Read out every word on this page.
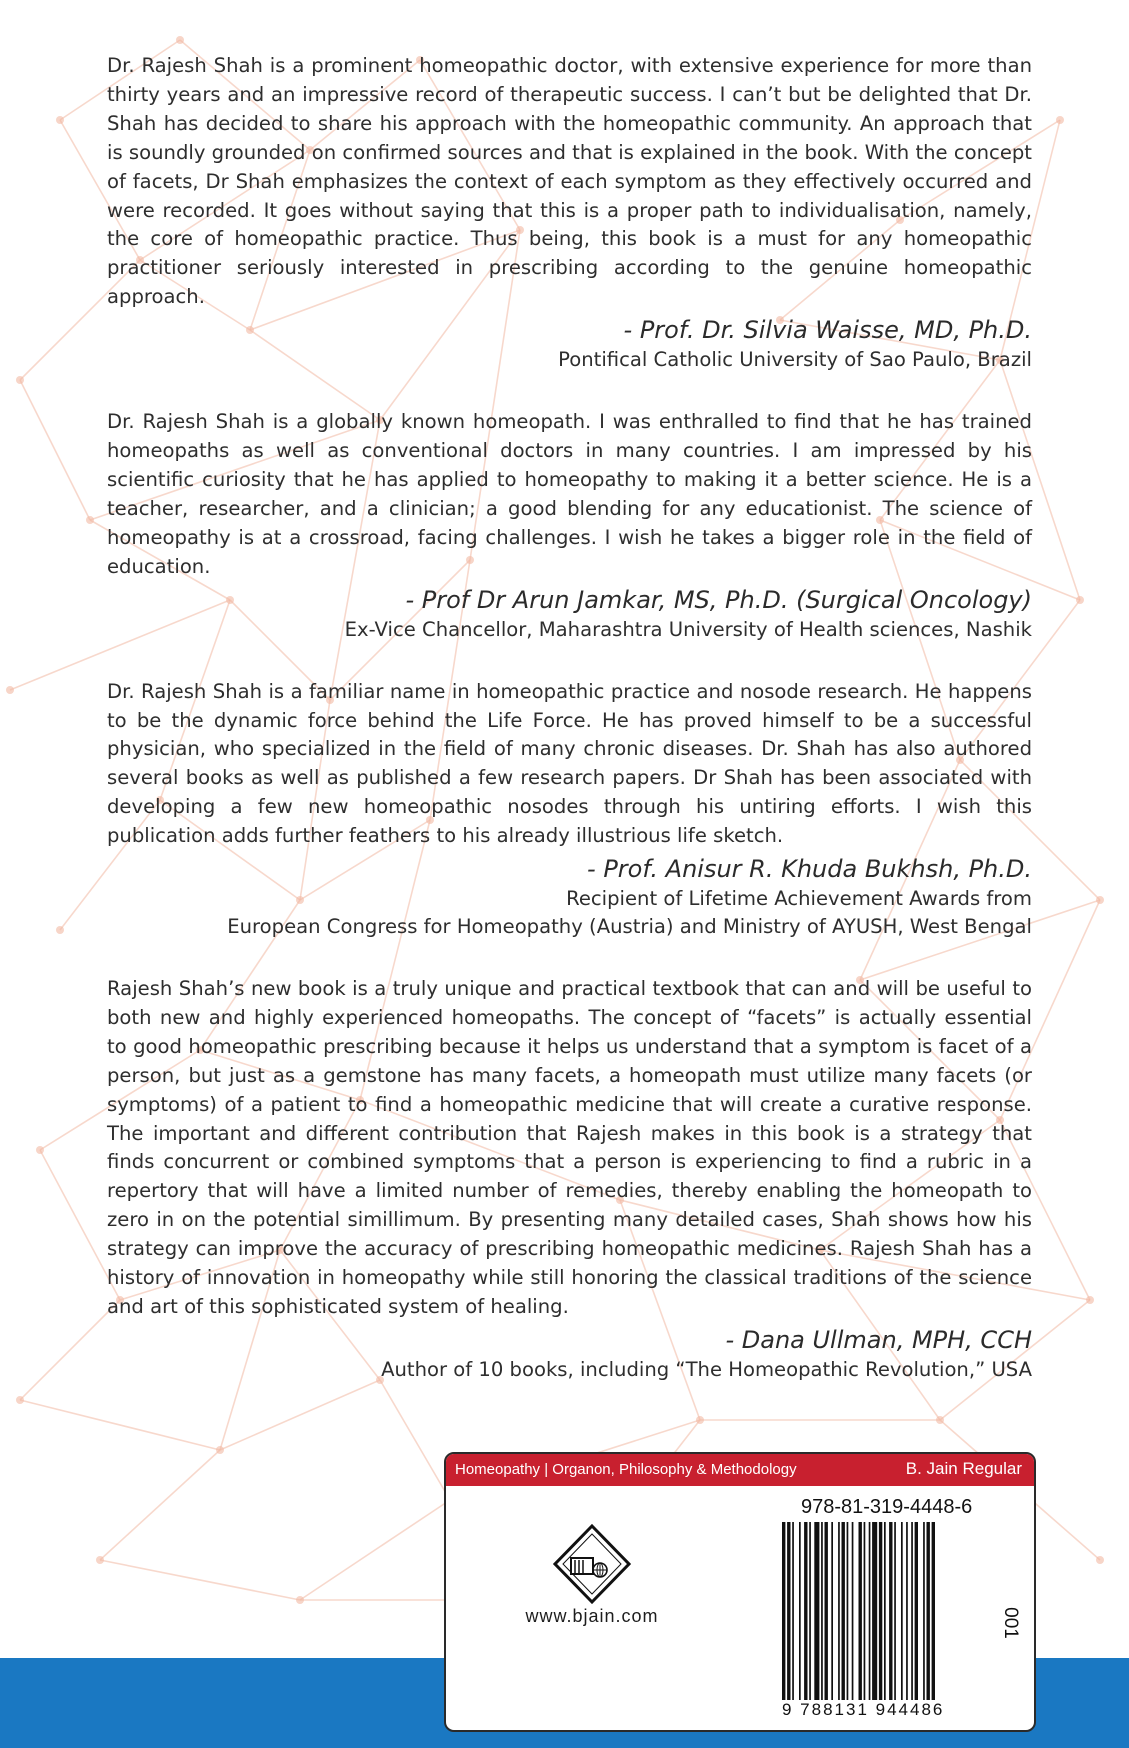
Dr. Rajesh Shah is a prominent homeopathic doctor, with extensive experience for more than thirty years and an impressive record of therapeutic success. I can’t but be delighted that Dr. Shah has decided to share his approach with the homeopathic community. An approach that is soundly grounded on confirmed sources and that is explained in the book. With the concept of facets, Dr Shah emphasizes the context of each symptom as they effectively occurred and were recorded. It goes without saying that this is a proper path to individualisation, namely, the core of homeopathic practice. Thus being, this book is a must for any homeopathic practitioner seriously interested in prescribing according to the genuine homeopathic approach.

- Prof. Dr. Silvia Waisse, MD, Ph.D.
Pontifical Catholic University of Sao Paulo, Brazil

Dr. Rajesh Shah is a globally known homeopath. I was enthralled to find that he has trained homeopaths as well as conventional doctors in many countries. I am impressed by his scientific curiosity that he has applied to homeopathy to making it a better science. He is a teacher, researcher, and a clinician; a good blending for any educationist. The science of homeopathy is at a crossroad, facing challenges. I wish he takes a bigger role in the field of education.

- Prof Dr Arun Jamkar, MS, Ph.D. (Surgical Oncology)
Ex-Vice Chancellor, Maharashtra University of Health sciences, Nashik

Dr. Rajesh Shah is a familiar name in homeopathic practice and nosode research. He happens to be the dynamic force behind the Life Force. He has proved himself to be a successful physician, who specialized in the field of many chronic diseases. Dr. Shah has also authored several books as well as published a few research papers. Dr Shah has been associated with developing a few new homeopathic nosodes through his untiring efforts. I wish this publication adds further feathers to his already illustrious life sketch.

- Prof. Anisur R. Khuda Bukhsh, Ph.D.
Recipient of Lifetime Achievement Awards from
European Congress for Homeopathy (Austria) and Ministry of AYUSH, West Bengal

Rajesh Shah’s new book is a truly unique and practical textbook that can and will be useful to both new and highly experienced homeopaths. The concept of “facets” is actually essential to good homeopathic prescribing because it helps us understand that a symptom is facet of a person, but just as a gemstone has many facets, a homeopath must utilize many facets (or symptoms) of a patient to find a homeopathic medicine that will create a curative response. The important and different contribution that Rajesh makes in this book is a strategy that finds concurrent or combined symptoms that a person is experiencing to find a rubric in a repertory that will have a limited number of remedies, thereby enabling the homeopath to zero in on the potential simillimum. By presenting many detailed cases, Shah shows how his strategy can improve the accuracy of prescribing homeopathic medicines. Rajesh Shah has a history of innovation in homeopathy while still honoring the classical traditions of the science and art of this sophisticated system of healing.

- Dana Ullman, MPH, CCH
Author of 10 books, including “The Homeopathic Revolution,” USA
Homeopathy | Organon, Philosophy & Methodology	B. Jain Regular
www.bjain.com
978-81-319-4448-6
001
9 788131 944486
